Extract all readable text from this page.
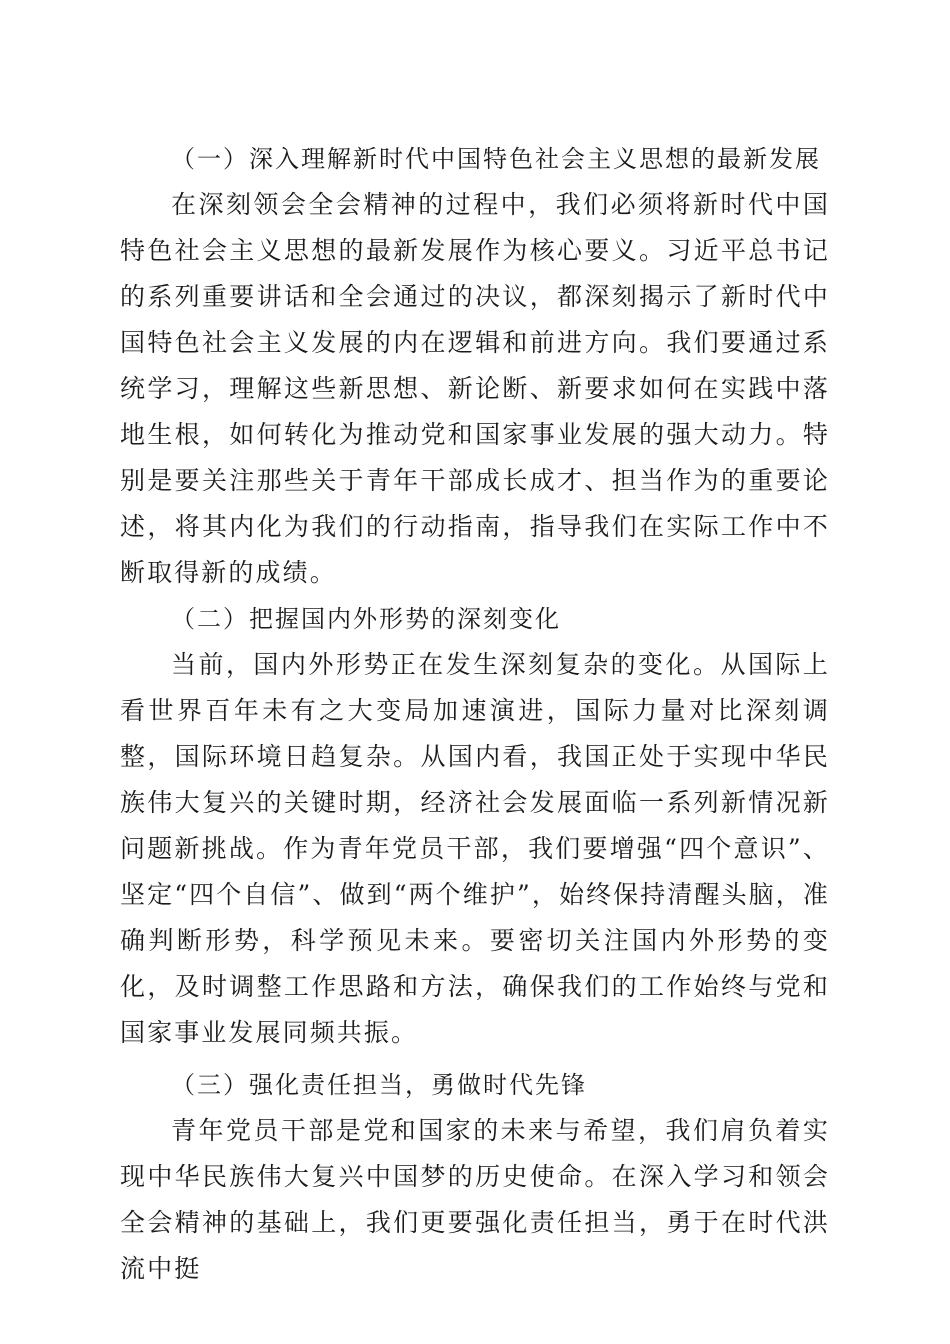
（一）深入理解新时代中国特色社会主义思想的最新发展

在深刻领会全会精神的过程中，我们必须将新时代中国特色社会主义思想的最新发展作为核心要义。习近平总书记的系列重要讲话和全会通过的决议，都深刻揭示了新时代中国特色社会主义发展的内在逻辑和前进方向。我们要通过系统学习，理解这些新思想、新论断、新要求如何在实践中落地生根，如何转化为推动党和国家事业发展的强大动力。特别是要关注那些关于青年干部成长成才、担当作为的重要论述，将其内化为我们的行动指南，指导我们在实际工作中不断取得新的成绩。

（二）把握国内外形势的深刻变化

当前，国内外形势正在发生深刻复杂的变化。从国际上看世界百年未有之大变局加速演进，国际力量对比深刻调整，国际环境日趋复杂。从国内看，我国正处于实现中华民族伟大复兴的关键时期，经济社会发展面临一系列新情况新问题新挑战。作为青年党员干部，我们要增强“四个意识”、坚定“四个自信”、做到“两个维护”，始终保持清醒头脑，准确判断形势，科学预见未来。要密切关注国内外形势的变化，及时调整工作思路和方法，确保我们的工作始终与党和国家事业发展同频共振。

（三）强化责任担当，勇做时代先锋

青年党员干部是党和国家的未来与希望，我们肩负着实现中华民族伟大复兴中国梦的历史使命。在深入学习和领会全会精神的基础上，我们更要强化责任担当，勇于在时代洪流中挺
